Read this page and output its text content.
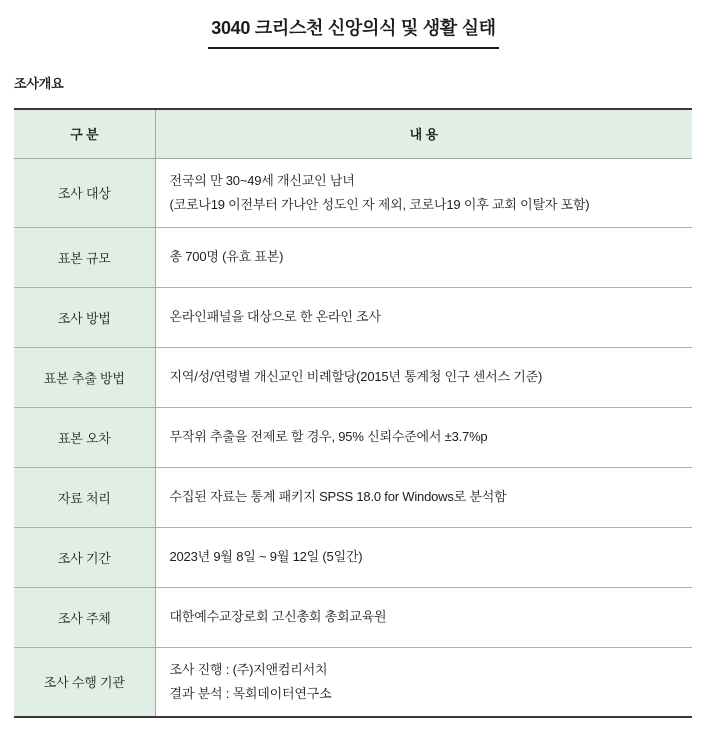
3040 크리스천 신앙의식 및 생활 실태
조사개요
구 분	내 용
조사 대상	전국의 만 30~49세 개신교인 남녀
(코로나19 이전부터 가나안 성도인 자 제외, 코로나19 이후 교회 이탈자 포함)

표본 규모	총 700명 (유효 표본)

조사 방법	온라인패널을 대상으로 한 온라인 조사

표본 추출 방법	지역/성/연령별 개신교인 비례할당(2015년 통계청 인구 센서스 기준)

표본 오차	무작위 추출을 전제로 할 경우, 95% 신뢰수준에서 ±3.7%p

자료 처리	수집된 자료는 통계 패키지 SPSS 18.0 for Windows로 분석함

조사 기간	2023년 9월 8일 ~ 9월 12일 (5일간)

조사 주체	대한예수교장로회 고신총회 총회교육원

조사 수행 기관	조사 진행 : (주)지앤컴리서치
결과 분석 : 목회데이터연구소
